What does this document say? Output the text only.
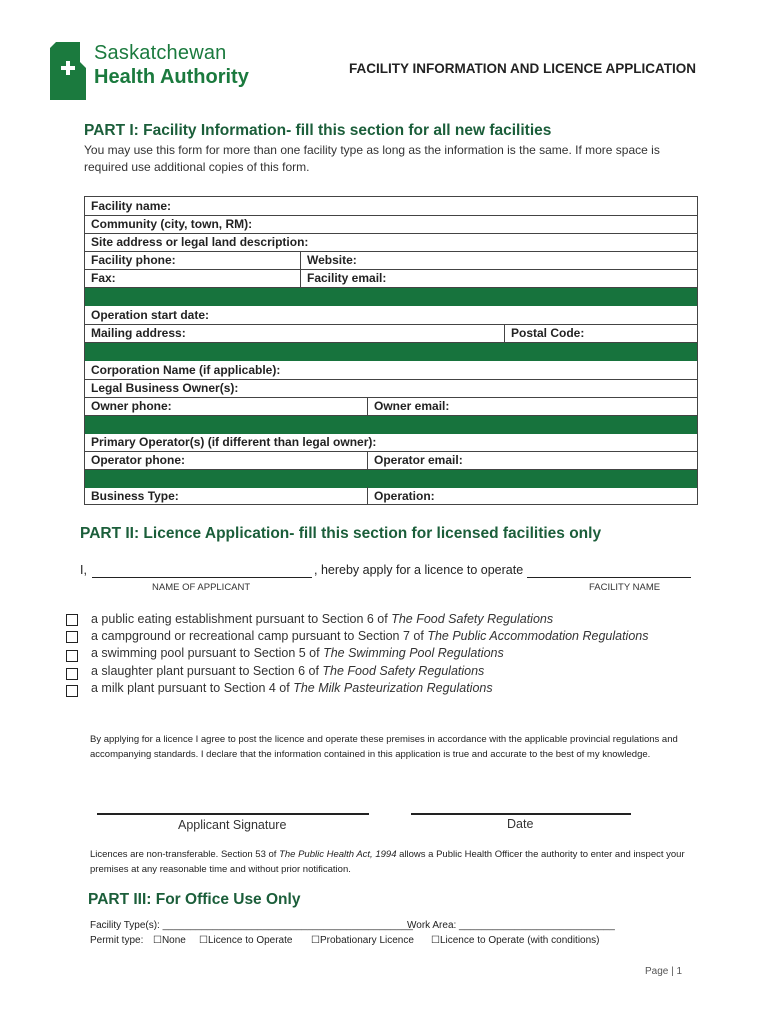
Saskatchewan
Health Authority	FACILITY INFORMATION AND LICENCE APPLICATION
PART I: Facility Information- fill this section for all new facilities
You may use this form for more than one facility type as long as the information is the same. If more space is required use additional copies of this form.
Facility name:
Community (city, town, RM):
Site address or legal land description:
Facility phone:	Website:
Fax:	Facility email:
Operation start date:
Mailing address:	Postal Code:
Corporation Name (if applicable):
Legal Business Owner(s):
Owner phone:	Owner email:
Primary Operator(s) (if different than legal owner):
Operator phone:	Operator email:
Business Type:	Operation:
PART II: Licence Application- fill this section for licensed facilities only
I,	, hereby apply for a licence to operate
NAME OF APPLICANT	FACILITY NAME
a public eating establishment pursuant to Section 6 of The Food Safety Regulations
a campground or recreational camp pursuant to Section 7 of The Public Accommodation Regulations
a swimming pool pursuant to Section 5 of The Swimming Pool Regulations
a slaughter plant pursuant to Section 6 of The Food Safety Regulations
a milk plant pursuant to Section 4 of The Milk Pasteurization Regulations
By applying for a licence I agree to post the licence and operate these premises in accordance with the applicable provincial regulations and accompanying standards. I declare that the information contained in this application is true and accurate to the best of my knowledge.
Applicant Signature	Date
Licences are non-transferable. Section 53 of The Public Health Act, 1994 allows a Public Health Officer the authority to enter and inspect your premises at any reasonable time and without prior notification.
PART III: For Office Use Only
Facility Type(s): _____________________________________________
Work Area: ____________________________
Permit type: ☐None ☐Licence to Operate ☐Probationary Licence ☐Licence to Operate (with conditions)
Page | 1
